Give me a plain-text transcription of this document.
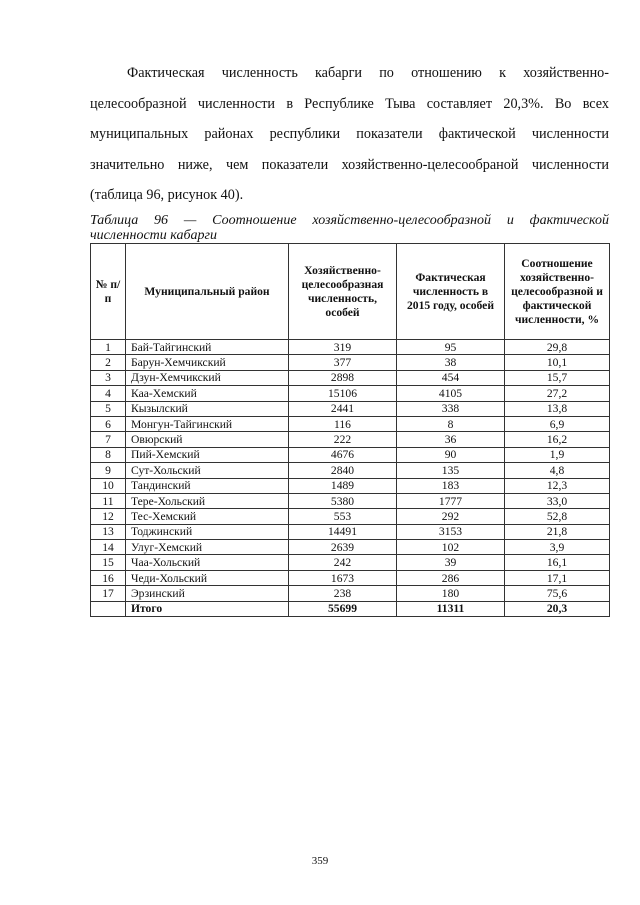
Фактическая численность кабарги по отношению к хозяйственно-целесообразной численности в Республике Тыва составляет 20,3%. Во всех муниципальных районах республики показатели фактической численности значительно ниже, чем показатели хозяйственно-целесообраной численности (таблица 96, рисунок 40).

Таблица 96 — Соотношение хозяйственно-целесообразной и фактической численности кабарги

№ п/п	Муниципальный район	Хозяйственно-целесообразная численность, особей	Фактическая численность в 2015 году, особей	Соотношение хозяйственно-целесообразной и фактической численности, %
1	Бай-Тайгинский	319	95	29,8
2	Барун-Хемчикский	377	38	10,1
3	Дзун-Хемчикский	2898	454	15,7
4	Каа-Хемский	15106	4105	27,2
5	Кызылский	2441	338	13,8
6	Монгун-Тайгинский	116	8	6,9
7	Овюрский	222	36	16,2
8	Пий-Хемский	4676	90	1,9
9	Сут-Хольский	2840	135	4,8
10	Тандинский	1489	183	12,3
11	Тере-Хольский	5380	1777	33,0
12	Тес-Хемский	553	292	52,8
13	Тоджинский	14491	3153	21,8
14	Улуг-Хемский	2639	102	3,9
15	Чаа-Хольский	242	39	16,1
16	Чеди-Хольский	1673	286	17,1
17	Эрзинский	238	180	75,6
	Итого	55699	11311	20,3
359
